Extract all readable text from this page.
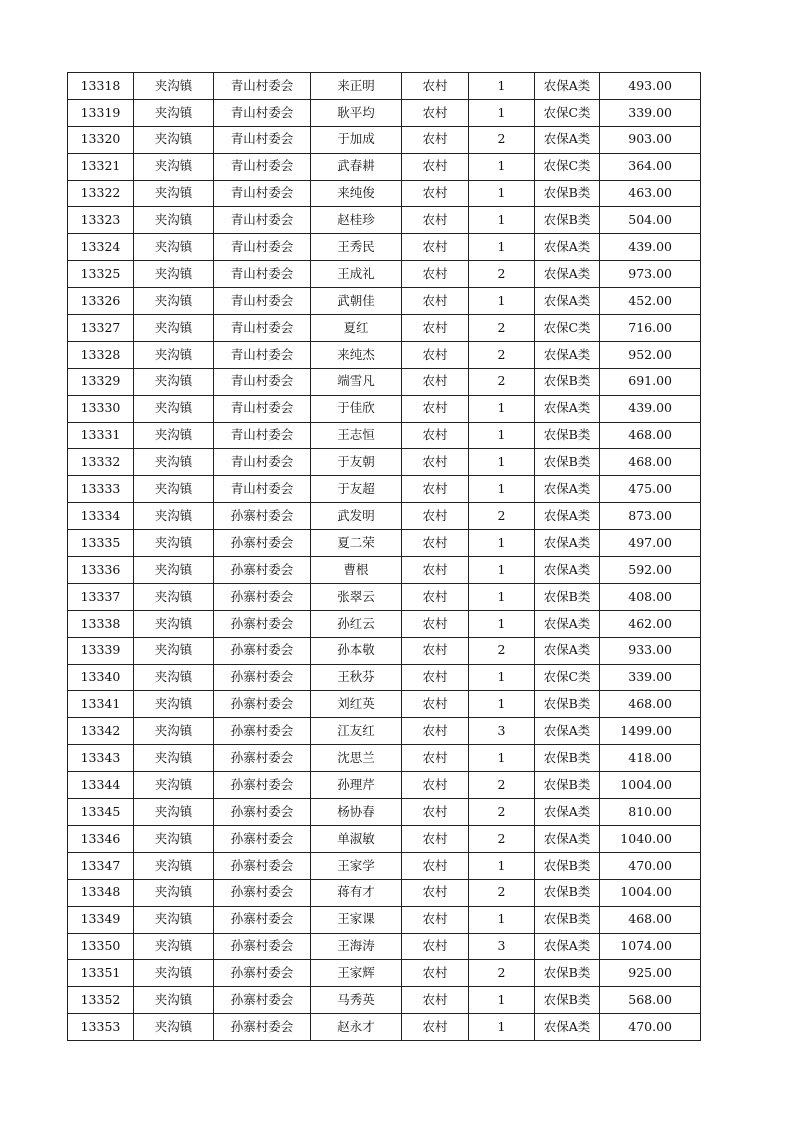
13318	夹沟镇	青山村委会	来正明	农村	1	农保A类	493.00
13319	夹沟镇	青山村委会	耿平均	农村	1	农保C类	339.00
13320	夹沟镇	青山村委会	于加成	农村	2	农保A类	903.00
13321	夹沟镇	青山村委会	武春耕	农村	1	农保C类	364.00
13322	夹沟镇	青山村委会	来纯俊	农村	1	农保B类	463.00
13323	夹沟镇	青山村委会	赵桂珍	农村	1	农保B类	504.00
13324	夹沟镇	青山村委会	王秀民	农村	1	农保A类	439.00
13325	夹沟镇	青山村委会	王成礼	农村	2	农保A类	973.00
13326	夹沟镇	青山村委会	武朝佳	农村	1	农保A类	452.00
13327	夹沟镇	青山村委会	夏红	农村	2	农保C类	716.00
13328	夹沟镇	青山村委会	来纯杰	农村	2	农保A类	952.00
13329	夹沟镇	青山村委会	端雪凡	农村	2	农保B类	691.00
13330	夹沟镇	青山村委会	于佳欣	农村	1	农保A类	439.00
13331	夹沟镇	青山村委会	王志恒	农村	1	农保B类	468.00
13332	夹沟镇	青山村委会	于友朝	农村	1	农保B类	468.00
13333	夹沟镇	青山村委会	于友超	农村	1	农保A类	475.00
13334	夹沟镇	孙寨村委会	武发明	农村	2	农保A类	873.00
13335	夹沟镇	孙寨村委会	夏二荣	农村	1	农保A类	497.00
13336	夹沟镇	孙寨村委会	曹根	农村	1	农保A类	592.00
13337	夹沟镇	孙寨村委会	张翠云	农村	1	农保B类	408.00
13338	夹沟镇	孙寨村委会	孙红云	农村	1	农保A类	462.00
13339	夹沟镇	孙寨村委会	孙本敬	农村	2	农保A类	933.00
13340	夹沟镇	孙寨村委会	王秋芬	农村	1	农保C类	339.00
13341	夹沟镇	孙寨村委会	刘红英	农村	1	农保B类	468.00
13342	夹沟镇	孙寨村委会	江友红	农村	3	农保A类	1499.00
13343	夹沟镇	孙寨村委会	沈思兰	农村	1	农保B类	418.00
13344	夹沟镇	孙寨村委会	孙理芹	农村	2	农保B类	1004.00
13345	夹沟镇	孙寨村委会	杨协春	农村	2	农保A类	810.00
13346	夹沟镇	孙寨村委会	单淑敏	农村	2	农保A类	1040.00
13347	夹沟镇	孙寨村委会	王家学	农村	1	农保B类	470.00
13348	夹沟镇	孙寨村委会	蒋有才	农村	2	农保B类	1004.00
13349	夹沟镇	孙寨村委会	王家课	农村	1	农保B类	468.00
13350	夹沟镇	孙寨村委会	王海涛	农村	3	农保A类	1074.00
13351	夹沟镇	孙寨村委会	王家辉	农村	2	农保B类	925.00
13352	夹沟镇	孙寨村委会	马秀英	农村	1	农保B类	568.00
13353	夹沟镇	孙寨村委会	赵永才	农村	1	农保A类	470.00
